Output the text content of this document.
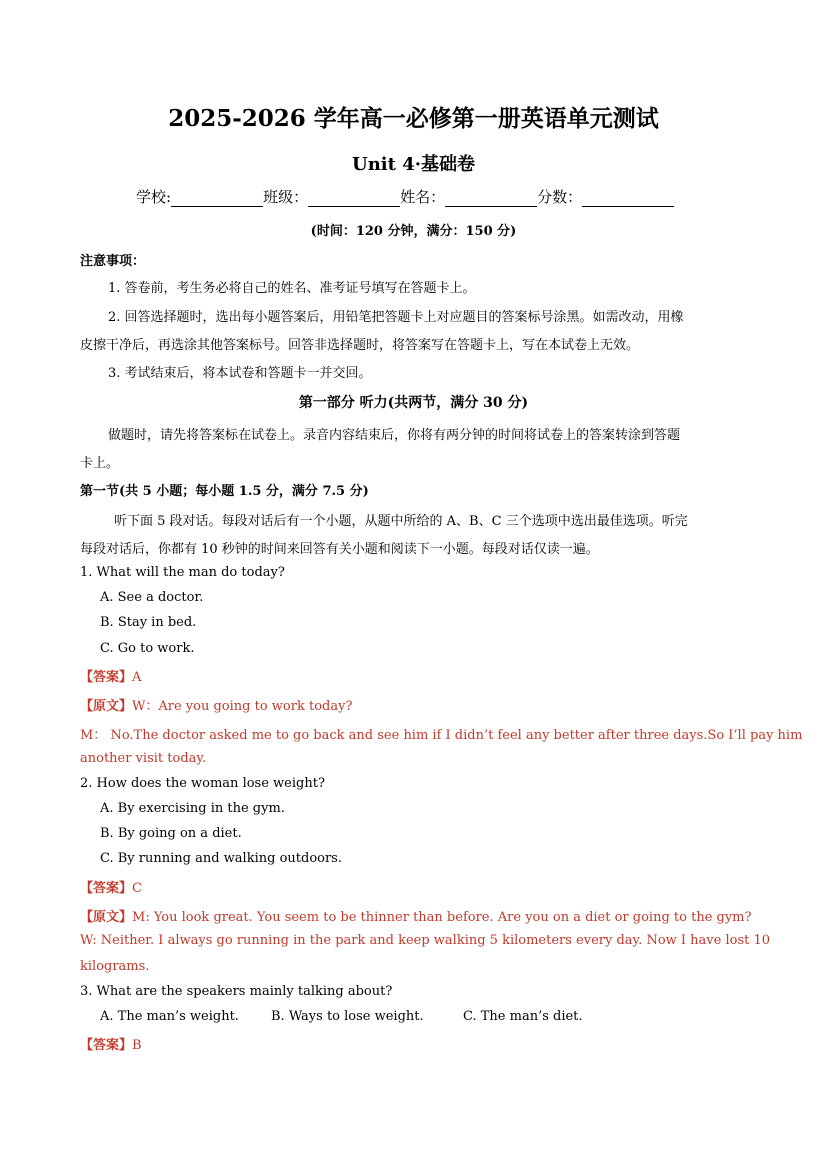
2025-2026 学年高一必修第一册英语单元测试
Unit 4·基础卷
学校:	班级：	姓名：	分数：
(时间：120 分钟，满分：150 分)
注意事项：
1. 答卷前，考生务必将自己的姓名、准考证号填写在答题卡上。
2. 回答选择题时，选出每小题答案后，用铅笔把答题卡上对应题目的答案标号涂黑。如需改动，用橡
皮擦干净后，再选涂其他答案标号。回答非选择题时，将答案写在答题卡上，写在本试卷上无效。
3. 考试结束后，将本试卷和答题卡一并交回。
第一部分 听力(共两节，满分 30 分)
做题时，请先将答案标在试卷上。录音内容结束后，你将有两分钟的时间将试卷上的答案转涂到答题
卡上。
第一节(共 5 小题；每小题 1.5 分，满分 7.5 分)
听下面 5 段对话。每段对话后有一个小题，从题中所给的 A、B、C 三个选项中选出最佳选项。听完
每段对话后，你都有 10 秒钟的时间来回答有关小题和阅读下一小题。每段对话仅读一遍。
1. What will the man do today?
A. See a doctor.
B. Stay in bed.
C. Go to work.
【答案】A
【原文】W：Are you going to work today?
M： No.The doctor asked me to go back and see him if I didn’t feel any better after three days.So I’ll pay him
another visit today.
2. How does the woman lose weight?
A. By exercising in the gym.
B. By going on a diet.
C. By running and walking outdoors.
【答案】C
【原文】M: You look great. You seem to be thinner than before. Are you on a diet or going to the gym?
W: Neither. I always go running in the park and keep walking 5 kilometers every day. Now I have lost 10
kilograms.
3. What are the speakers mainly talking about?
A. The man’s weight. B. Ways to lose weight.	C. The man’s diet.
【答案】B
